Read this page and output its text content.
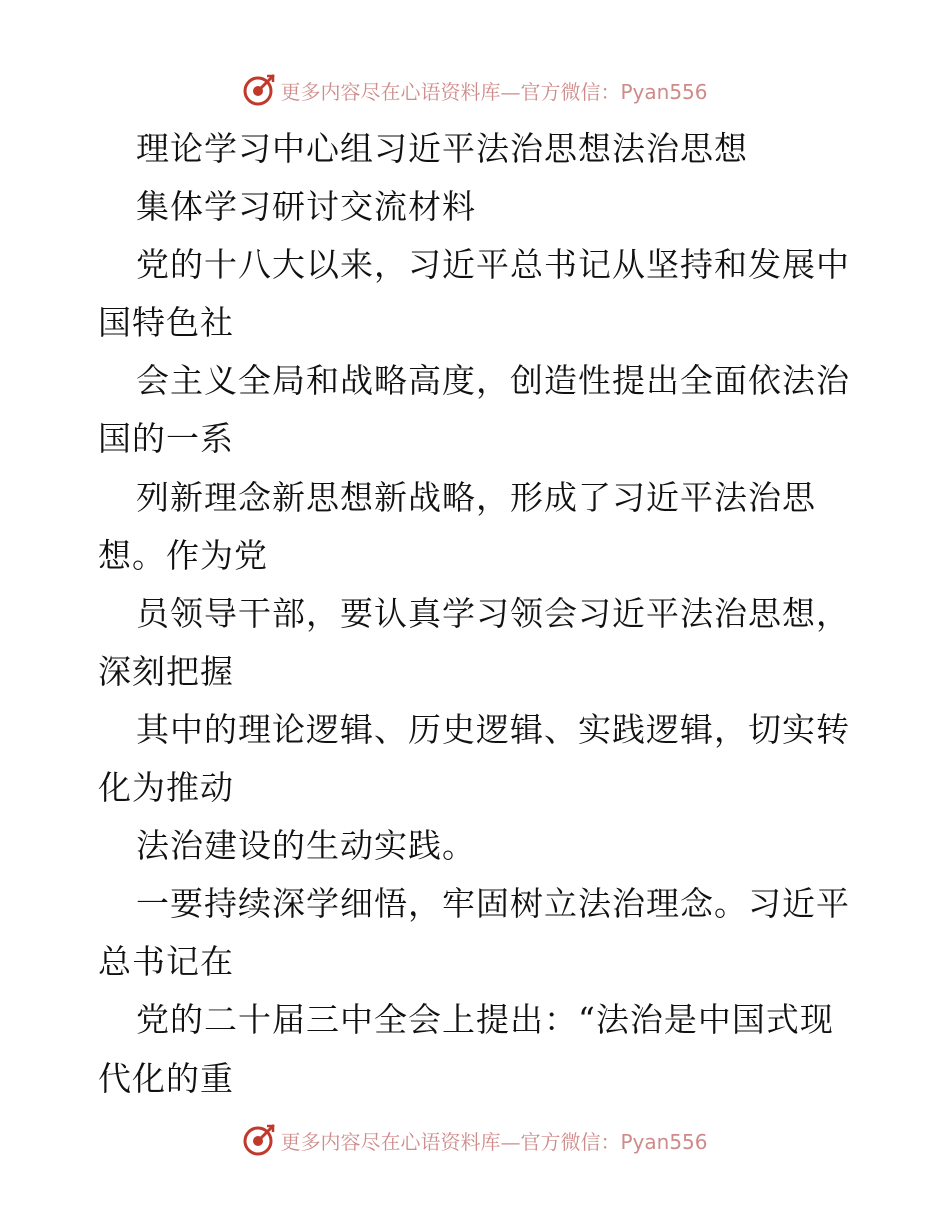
更多内容尽在心语资料库—官方微信：Pyan556
理论学习中心组习近平法治思想法治思想
集体学习研讨交流材料
党的十八大以来，习近平总书记从坚持和发展中
国特色社
会主义全局和战略高度，创造性提出全面依法治
国的一系
列新理念新思想新战略，形成了习近平法治思
想。作为党
员领导干部，要认真学习领会习近平法治思想，
深刻把握
其中的理论逻辑、历史逻辑、实践逻辑，切实转
化为推动
法治建设的生动实践。
一要持续深学细悟，牢固树立法治理念。习近平
总书记在
党的二十届三中全会上提出：“法治是中国式现
代化的重
更多内容尽在心语资料库—官方微信：Pyan556
